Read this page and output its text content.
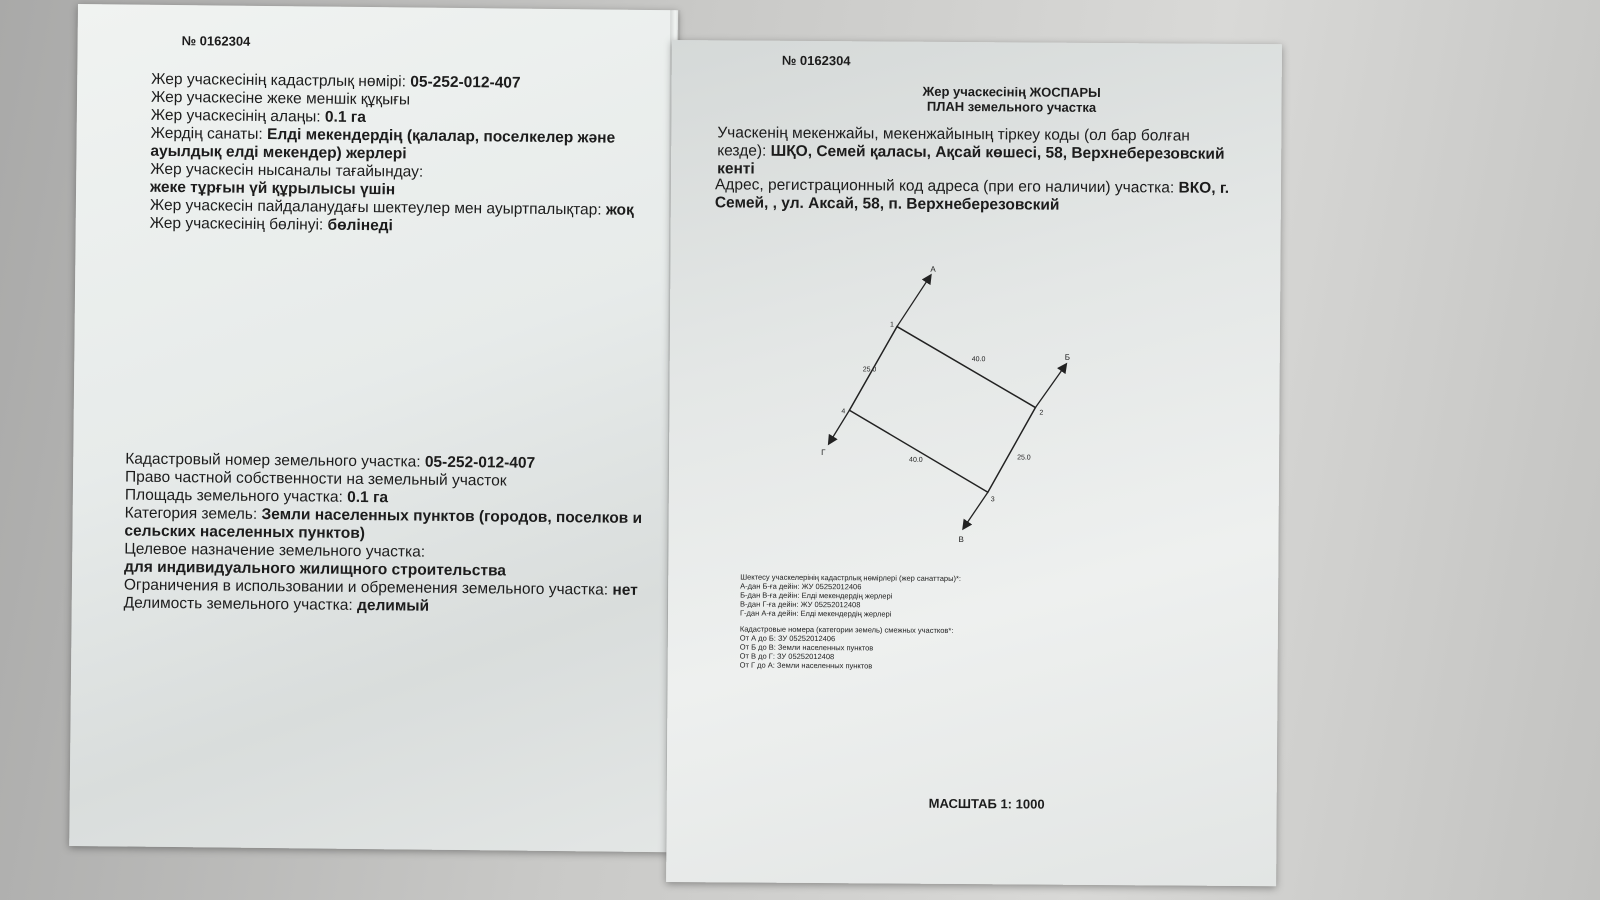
№ 0162304
Жер учаскесінің кадастрлық нөмірі: 05-252-012-407
Жер учаскесіне жеке меншік құқығы
Жер учаскесінің алаңы: 0.1 га
Жердің санаты: Елді мекендердің (қалалар, поселкелер және ауылдық елді мекендер) жерлері
Жер учаскесін нысаналы тағайындау:
жеке тұрғын үй құрылысы үшін
Жер учаскесін пайдаланудағы шектеулер мен ауыртпалықтар: жоқ
Жер учаскесінің бөлінуі: бөлінеді
Кадастровый номер земельного участка: 05-252-012-407
Право частной собственности на земельный участок
Площадь земельного участка: 0.1 га
Категория земель: Земли населенных пунктов (городов, поселков и сельских населенных пунктов)
Целевое назначение земельного участка:
для индивидуального жилищного строительства
Ограничения в использовании и обременения земельного участка: нет
Делимость земельного участка: делимый
№ 0162304
Жер учаскесінің ЖОСПАРЫ
ПЛАН земельного участка
Учаскенің мекенжайы, мекенжайының тіркеу коды (ол бар болған кезде): ШҚО, Семей қаласы, Ақсай көшесі, 58, Верхнеберезовский кенті
Адрес, регистрационный код адреса (при его наличии) участка: ВКО, г. Семей, , ул. Аксай, 58, п. Верхнеберезовский
1
2
3
4
А
Б
В
Г
40.0
25.0
40.0
25.0
Шектесу учаскелерінің кадастрлық нөмірлері (жер санаттары)*:
А-дан Б-ға дейін: ЖУ 05252012406
Б-дан В-ға дейін: Елді мекендердің жерлері
В-дан Г-ға дейін: ЖУ 05252012408
Г-дан А-ға дейін: Елді мекендердің жерлері
Кадастровые номера (категории земель) смежных участков*:
От А до Б: ЗУ 05252012406
От Б до В: Земли населенных пунктов
От В до Г: ЗУ 05252012408
От Г до А: Земли населенных пунктов
МАСШТАБ 1: 1000
